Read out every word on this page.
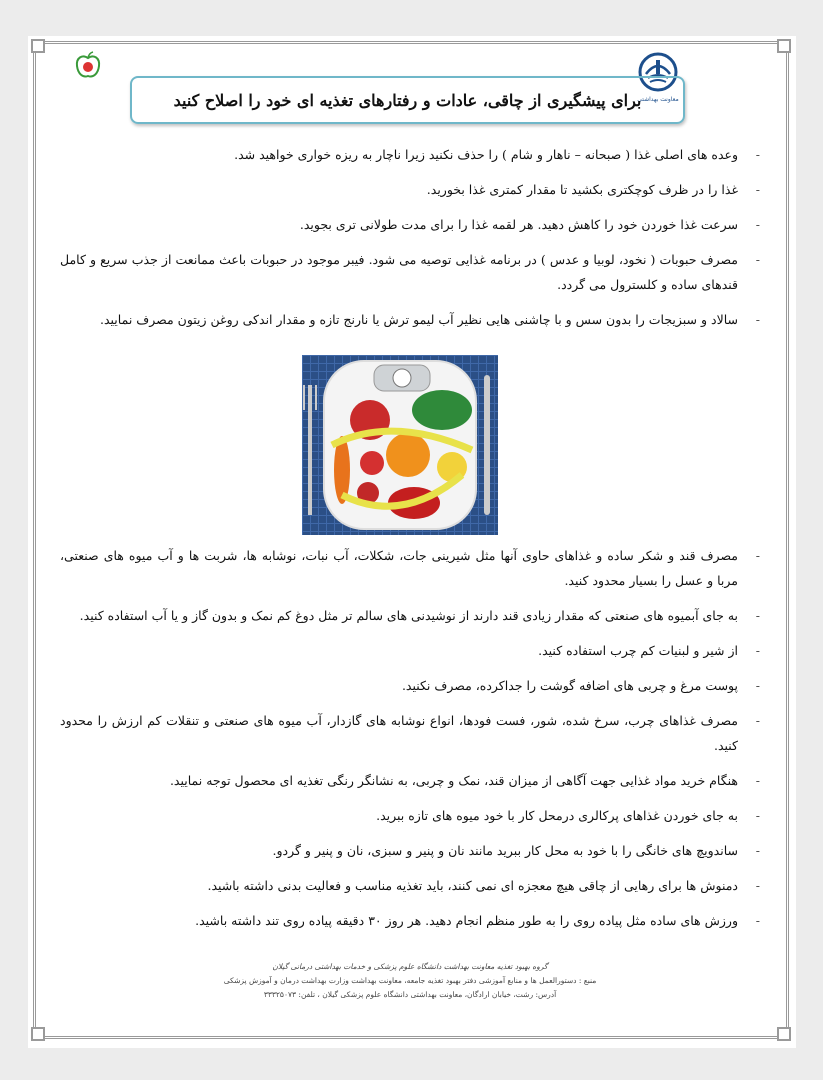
معاونت بهداشتی
برای پیشگیری از چاقی، عادات و رفتارهای تغذیه ای خود را اصلاح کنید
-
وعده های اصلی غذا ( صبحانه – ناهار و شام ) را حذف نکنید زیرا ناچار به ریزه خواری خواهید شد.
-
غذا را در ظرف کوچکتری بکشید تا مقدار کمتری غذا بخورید.
-
سرعت غذا خوردن خود را کاهش دهید. هر لقمه غذا را برای مدت طولانی تری بجوید.
-
مصرف حبوبات ( نخود، لوبیا و عدس ) در برنامه غذایی توصیه می شود. فیبر موجود در حبوبات باعث ممانعت از جذب سریع و کامل قندهای ساده و کلسترول می گردد.
-
سالاد و سبزیجات را بدون سس و با چاشنی هایی نظیر آب لیمو ترش یا نارنج تازه و مقدار اندکی روغن زیتون مصرف نمایید.
-
مصرف قند و شکر ساده و غذاهای حاوی آنها مثل شیرینی جات، شکلات، آب نبات، نوشابه ها، شربت ها و آب میوه های صنعتی، مربا و عسل را بسیار محدود کنید.
-
به جای آبمیوه های صنعتی که مقدار زیادی قند دارند از نوشیدنی های سالم تر مثل دوغ کم نمک و بدون گاز و یا آب استفاده کنید.
-
از شیر و لبنیات کم چرب استفاده کنید.
-
پوست مرغ و چربی های اضافه گوشت را جداکرده، مصرف نکنید.
-
مصرف غذاهای چرب، سرخ شده، شور، فست فودها، انواع نوشابه های گازدار، آب میوه های صنعتی و تنقلات کم ارزش را محدود کنید.
-
هنگام خرید مواد غذایی جهت آگاهی از میزان قند، نمک و چربی، به نشانگر رنگی تغذیه ای محصول توجه نمایید.
-
به جای خوردن غذاهای پرکالری درمحل کار با خود میوه های تازه ببرید.
-
ساندویچ های خانگی را با خود به محل کار ببرید مانند نان و پنیر و سبزی، نان و پنیر و گردو.
-
دمنوش ها برای رهایی از چاقی هیچ معجزه ای نمی کنند، باید تغذیه مناسب و فعالیت بدنی داشته باشید.
-
ورزش های ساده مثل پیاده روی را به طور منظم انجام دهید. هر روز ۳۰ دقیقه پیاده روی تند داشته باشید.
گروه بهبود تغذیه معاونت بهداشت دانشگاه علوم پزشکی و خدمات بهداشتی درمانی گیلان
منبع : دستورالعمل ها و منابع آموزشی دفتر بهبود تغذیه جامعه، معاونت بهداشت وزارت بهداشت درمان و آموزش پزشکی
آدرس: رشت، خیابان ارادگان، معاونت بهداشتی دانشگاه علوم پزشکی گیلان ، تلفن: ۳۳۳۲۵۰۷۳
